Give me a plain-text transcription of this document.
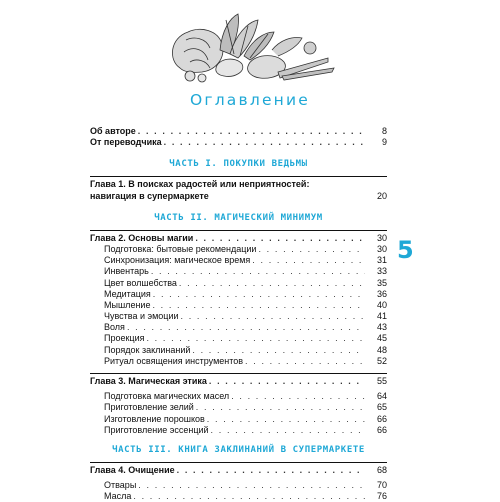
Оглавление
5
Об авторе . . .	8
От переводчика . . .	9
ЧАСТЬ I. ПОКУПКИ ВЕДЬМЫ
Глава 1. В поисках радостей или неприятностей:
навигация в супермаркете	20
ЧАСТЬ II. МАГИЧЕСКИЙ МИНИМУМ
Глава 2. Основы магии . . .	30
Подготовка: бытовые рекомендации . . .	30
Синхронизация: магическое время . . .	31
Инвентарь . . .	33
Цвет волшебства . . .	35
Медитация . . .	36
Мышление . . .	40
Чувства и эмоции . . .	41
Воля . . .	43
Проекция . . .	45
Порядок заклинаний . . .	48
Ритуал освящения инструментов . . .	52
Глава 3. Магическая этика . . .	55
Подготовка магических масел . . .	64
Приготовление зелий . . .	65
Изготовление порошков . . .	66
Приготовление эссенций . . .	66
ЧАСТЬ III. КНИГА ЗАКЛИНАНИЙ В СУПЕРМАРКЕТЕ
Глава 4. Очищение . . .	68
Отвары . . .	70
Масла . . .	76
